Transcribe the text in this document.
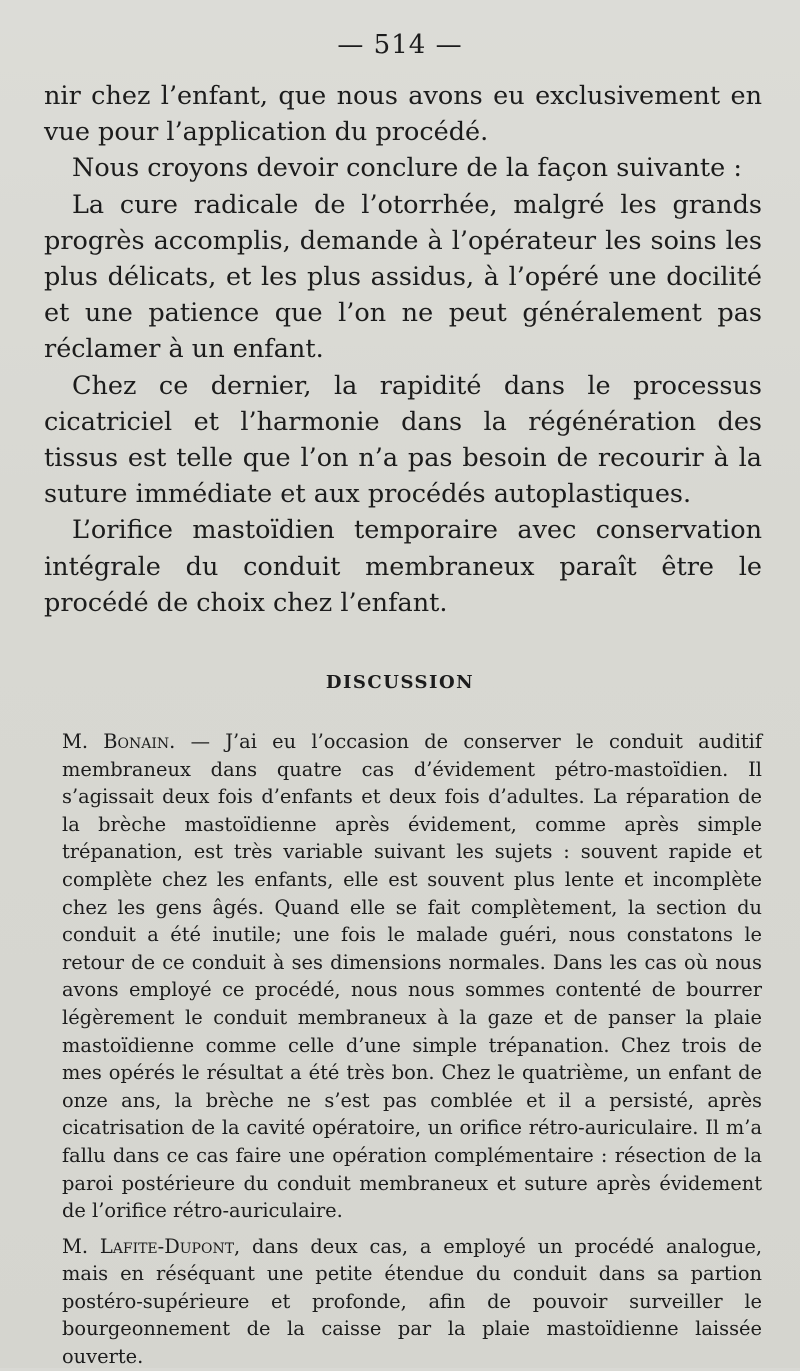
— 514 —

nir chez l’enfant, que nous avons eu exclusivement en vue pour l’application du procédé.

Nous croyons devoir conclure de la façon suivante :

La cure radicale de l’otorrhée, malgré les grands progrès accomplis, demande à l’opérateur les soins les plus délicats, et les plus assidus, à l’opéré une docilité et une patience que l’on ne peut généralement pas réclamer à un enfant.

Chez ce dernier, la rapidité dans le processus cicatriciel et l’harmonie dans la régénération des tissus est telle que l’on n’a pas besoin de recourir à la suture immédiate et aux procédés autoplastiques.

L’orifice mastoïdien temporaire avec conservation intégrale du conduit membraneux paraît être le procédé de choix chez l’enfant.

DISCUSSION

M. Bonain. — J’ai eu l’occasion de conserver le conduit auditif membraneux dans quatre cas d’évidement pétro-mastoïdien. Il s’agissait deux fois d’enfants et deux fois d’adultes. La réparation de la brèche mastoïdienne après évidement, comme après simple trépanation, est très variable suivant les sujets : souvent rapide et complète chez les enfants, elle est souvent plus lente et incomplète chez les gens âgés. Quand elle se fait complètement, la section du conduit a été inutile; une fois le malade guéri, nous constatons le retour de ce conduit à ses dimensions normales. Dans les cas où nous avons employé ce procédé, nous nous sommes contenté de bourrer légèrement le conduit membraneux à la gaze et de panser la plaie mastoïdienne comme celle d’une simple trépanation. Chez trois de mes opérés le résultat a été très bon. Chez le quatrième, un enfant de onze ans, la brèche ne s’est pas comblée et il a persisté, après cicatrisation de la cavité opératoire, un orifice rétro-auriculaire. Il m’a fallu dans ce cas faire une opération complémentaire : résection de la paroi postérieure du conduit membraneux et suture après évidement de l’orifice rétro-auriculaire.

M. Lafite-Dupont, dans deux cas, a employé un procédé analogue, mais en réséquant une petite étendue du conduit dans sa partion postéro-supérieure et profonde, afin de pouvoir surveiller le bourgeonnement de la caisse par la plaie mastoïdienne laissée ouverte.
